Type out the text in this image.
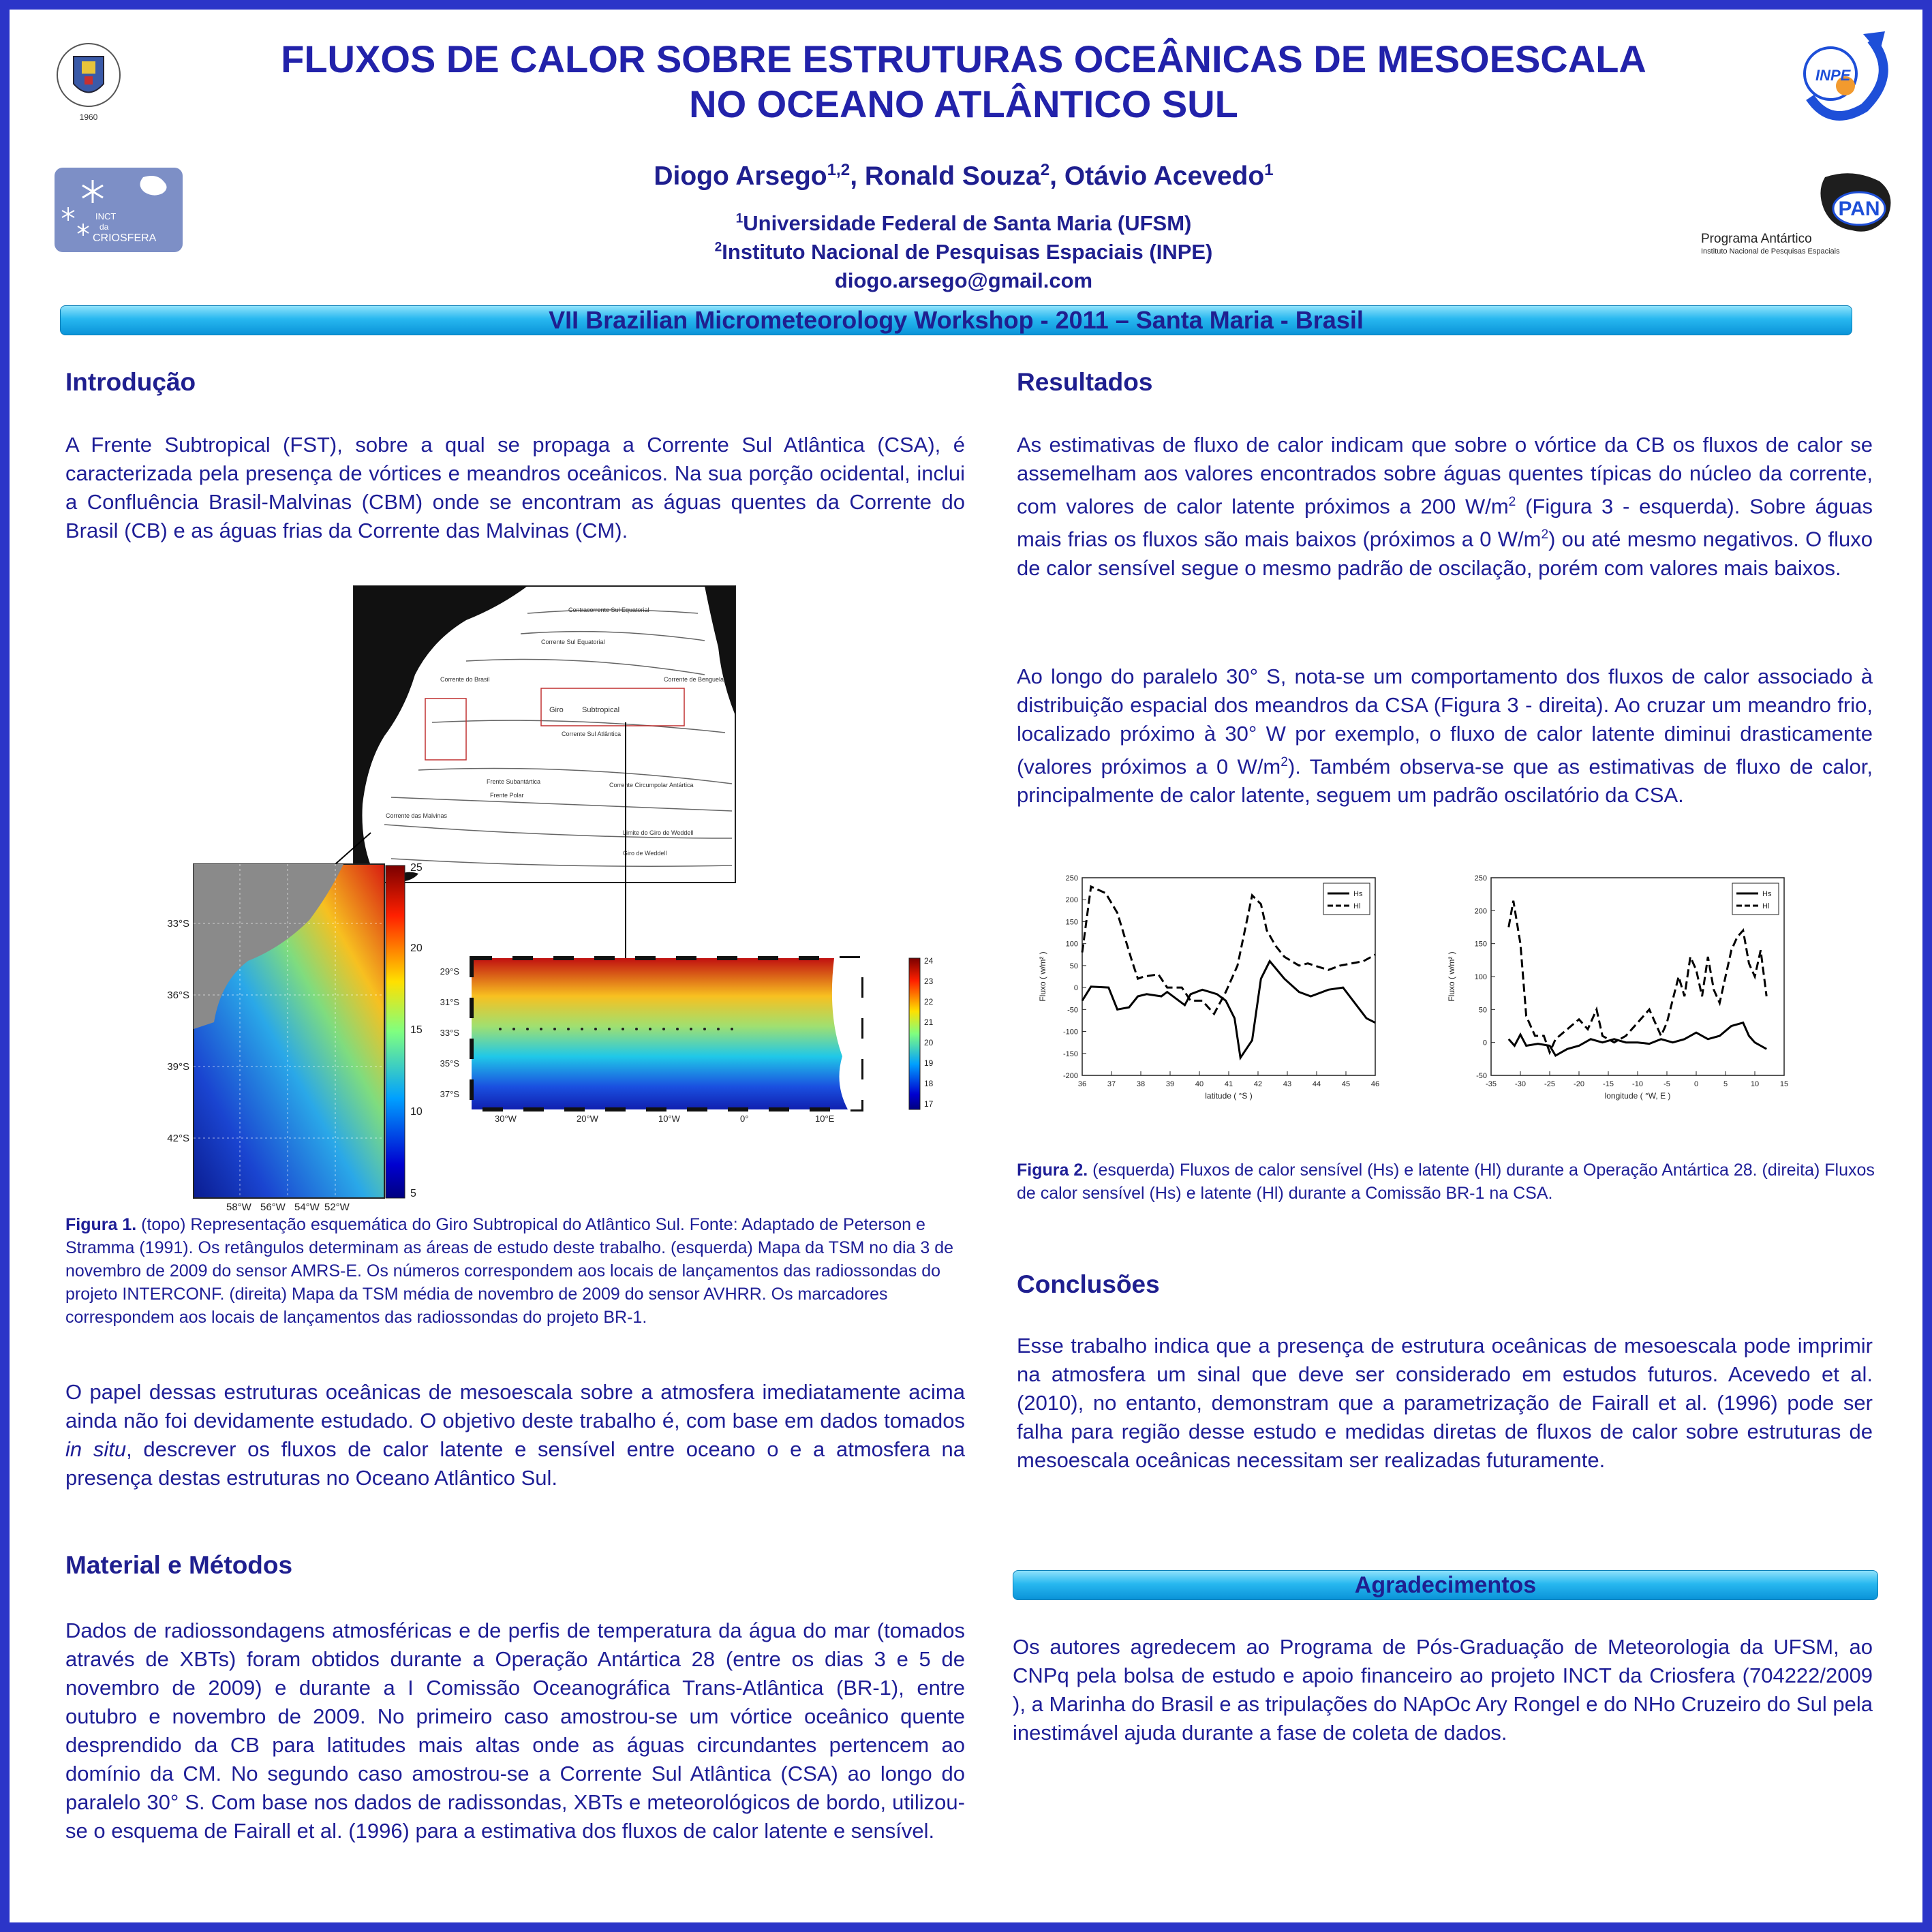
1960
INCT
da
CRIOSFERA
INPE
PAN
Programa Antártico
Instituto Nacional de Pesquisas Espaciais
FLUXOS DE CALOR SOBRE ESTRUTURAS OCEÂNICAS DE MESOESCALA
NO OCEANO ATLÂNTICO SUL
Diogo Arsego$^{1,2}$, Ronald Souza$^2$, Otávio Acevedo$^1$
$^1$Universidade Federal de Santa Maria (UFSM)
$^2$Instituto Nacional de Pesquisas Espaciais (INPE)
diogo.arsego@gmail.com
VII Brazilian Micrometeorology Workshop - 2011 – Santa Maria - Brasil
Introdução
A Frente Subtropical (FST), sobre a qual se propaga a Corrente Sul Atlântica (CSA), é caracterizada pela presença de vórtices e meandros oceânicos. Na sua porção ocidental, inclui a Confluência Brasil-Malvinas (CBM) onde se encontram as águas quentes da Corrente do Brasil (CB) e as águas frias da Corrente das Malvinas (CM).
Contracorrente Sul Equatorial
Corrente Sul Equatorial
Giro Subtropical
Corrente Sul Atlântica
Corrente de Benguela
Corrente do Brasil
Frente Subantártica
Frente Polar
Corrente Circumpolar Antártica
Limite do Giro de Weddell
Giro de Weddell
Corrente das Malvinas
33°S
36°S
39°S
42°S
58°W 56°W 54°W 52°W
25
20
15
10
5
29°S
31°S
33°S
35°S
37°S
30°W	20°W	10°W	0°	10°E
24
23
22
21
20
19
18
17
Figura 1. (topo) Representação esquemática do Giro Subtropical do Atlântico Sul. Fonte: Adaptado de Peterson e Stramma (1991). Os retângulos determinam as áreas de estudo deste trabalho. (esquerda) Mapa da TSM no dia 3 de novembro de 2009 do sensor AMRS-E. Os números correspondem aos locais de lançamentos das radiossondas do projeto INTERCONF. (direita) Mapa da TSM média de novembro de 2009 do sensor AVHRR. Os marcadores correspondem aos locais de lançamentos das radiossondas do projeto BR-1.
O papel dessas estruturas oceânicas de mesoescala sobre a atmosfera imediatamente acima ainda não foi devidamente estudado. O objetivo deste trabalho é, com base em dados tomados in situ, descrever os fluxos de calor latente e sensível entre oceano o e a atmosfera na presença destas estruturas no Oceano Atlântico Sul.
Material e Métodos
Dados de radiossondagens atmosféricas e de perfis de temperatura da água do mar (tomados através de XBTs) foram obtidos durante a Operação Antártica 28 (entre os dias 3 e 5 de novembro de 2009) e durante a I Comissão Oceanográfica Trans-Atlântica (BR-1), entre outubro e novembro de 2009. No primeiro caso amostrou-se um vórtice oceânico quente desprendido da CB para latitudes mais altas onde as águas circundantes pertencem ao domínio da CM. No segundo caso amostrou-se a Corrente Sul Atlântica (CSA) ao longo do paralelo 30° S. Com base nos dados de radissondas, XBTs e meteorológicos de bordo, utilizou-se o esquema de Fairall et al. (1996) para a estimativa dos fluxos de calor latente e sensível.
Resultados
As estimativas de fluxo de calor indicam que sobre o vórtice da CB os fluxos de calor se assemelham aos valores encontrados sobre águas quentes típicas do núcleo da corrente, com valores de calor latente próximos a 200 $W/m^2$ (Figura 3 - esquerda). Sobre águas mais frias os fluxos são mais baixos (próximos a 0 $W/m^2$) ou até mesmo negativos. O fluxo de calor sensível segue o mesmo padrão de oscilação, porém com valores mais baixos.
Ao longo do paralelo 30° S, nota-se um comportamento dos fluxos de calor associado à distribuição espacial dos meandros da CSA (Figura 3 - direita). Ao cruzar um meandro frio, localizado próximo à 30° W por exemplo, o fluxo de calor latente diminui drasticamente (valores próximos a 0 $W/m^2$). Também observa-se que as estimativas de fluxo de calor, principalmente de calor latente, seguem um padrão oscilatório da CSA.
36	37	38	39	40	41	42	43	44	45	46
-200
-150
-100
-50
0
50
100
150
200
250
latitude ( °S )
Fluxo ( w/m² )
Hs
Hl
-35 -30 -25 -20 -15 -10	-5	0	5	10	15
-50
0
50
100
150
200
250
longitude ( °W, E )
Fluxo ( w/m² )
Hs
Hl
Figura 2. (esquerda) Fluxos de calor sensível (Hs) e latente (Hl) durante a Operação Antártica 28. (direita) Fluxos de calor sensível (Hs) e latente (Hl) durante a Comissão BR-1 na CSA.
Conclusões
Esse trabalho indica que a presença de estrutura oceânicas de mesoescala pode imprimir na atmosfera um sinal que deve ser considerado em estudos futuros. Acevedo et al. (2010), no entanto, demonstram que a parametrização de Fairall et al. (1996) pode ser falha para região desse estudo e medidas diretas de fluxos de calor sobre estruturas de mesoescala oceânicas necessitam ser realizadas futuramente.
Agradecimentos
Os autores agredecem ao Programa de Pós-Graduação de Meteorologia da UFSM, ao CNPq pela bolsa de estudo e apoio financeiro ao projeto INCT da Criosfera (704222/2009 ), a Marinha do Brasil e as tripulações do NApOc Ary Rongel e do NHo Cruzeiro do Sul pela inestimável ajuda durante a fase de coleta de dados.
